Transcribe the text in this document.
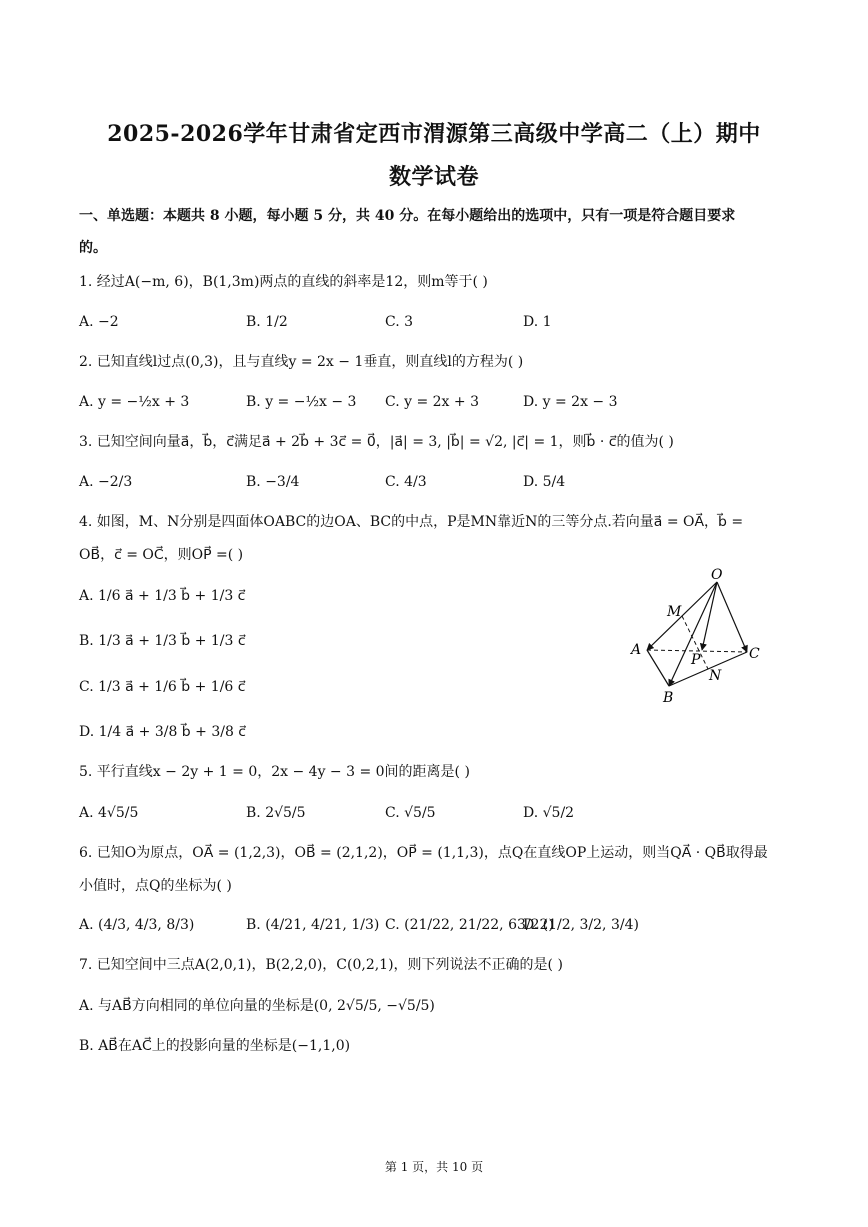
2025-2026学年甘肃省定西市渭源第三高级中学高二（上）期中
数学试卷
一、单选题：本题共 8 小题，每小题 5 分，共 40 分。在每小题给出的选项中，只有一项是符合题目要求
的。
1. 经过A(−m, 6)，B(1,3m)两点的直线的斜率是12，则m等于( )
A. −2	B. 1/2	C. 3	D. 1
2. 已知直线l过点(0,3)，且与直线y = 2x − 1垂直，则直线l的方程为( )
A. y = −½x + 3	B. y = −½x − 3 C. y = 2x + 3	D. y = 2x − 3
3. 已知空间向量a⃗，b⃗，c⃗满足a⃗ + 2b⃗ + 3c⃗ = 0⃗，|a⃗| = 3, |b⃗| = √2, |c⃗| = 1，则b⃗ · c⃗的值为( )
A. −2/3	B. −3/4	C. 4/3	D. 5/4
4. 如图，M、N分别是四面体OABC的边OA、BC的中点，P是MN靠近N的三等分点.若向量a⃗ = OA⃗，b⃗ =
OB⃗，c⃗ = OC⃗，则OP⃗ =( )
A. 1/6 a⃗ + 1/3 b⃗ + 1/3 c⃗
B. 1/3 a⃗ + 1/3 b⃗ + 1/3 c⃗
C. 1/3 a⃗ + 1/6 b⃗ + 1/6 c⃗
D. 1/4 a⃗ + 3/8 b⃗ + 3/8 c⃗
O
M
A
P	C
N
B
5. 平行直线x − 2y + 1 = 0，2x − 4y − 3 = 0间的距离是( )
A. 4√5/5	B. 2√5/5	C. √5/5	D. √5/2
6. 已知O为原点，OA⃗ = (1,2,3)，OB⃗ = (2,1,2)，OP⃗ = (1,1,3)，点Q在直线OP上运动，则当QA⃗ · QB⃗取得最
小值时，点Q的坐标为( )
A. (4/3, 4/3, 8/3)	B. (4/21, 4/21, 1/3) C. (21/22, 21/22, 63/22)
D. (1/2, 3/2, 3/4)
7. 已知空间中三点A(2,0,1)，B(2,2,0)，C(0,2,1)，则下列说法不正确的是( )
A. 与AB⃗方向相同的单位向量的坐标是(0, 2√5/5, −√5/5)
B. AB⃗在AC⃗上的投影向量的坐标是(−1,1,0)
第 1 页，共 10 页
